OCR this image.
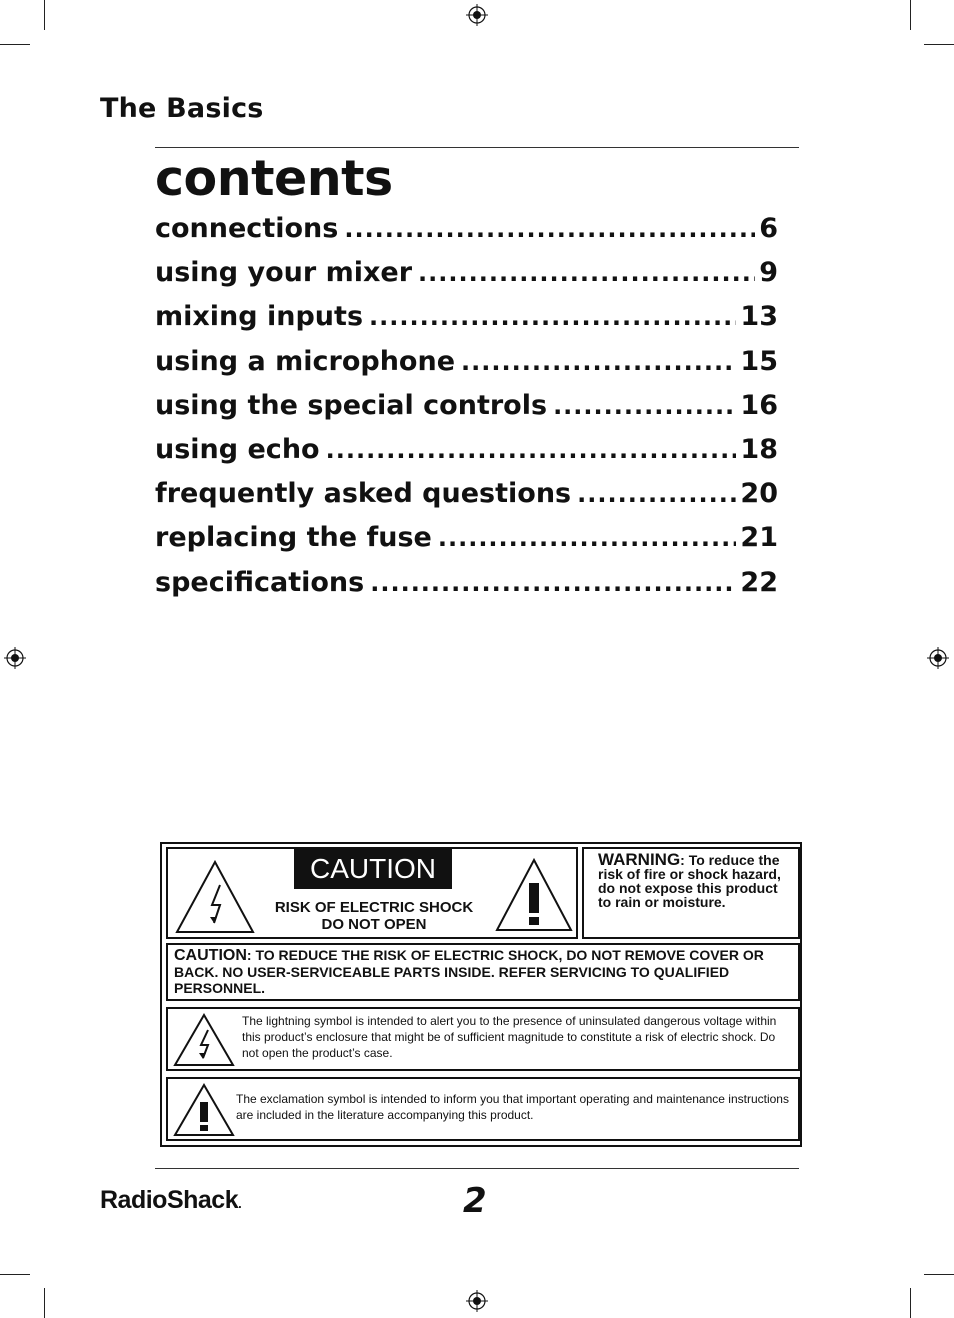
The Basics
contents
connections .....	6
using your mixer .....	9
mixing inputs .....	13
using a microphone .....	15
using the special controls .....	16
using echo .....	18
frequently asked questions .....	20
replacing the fuse .....	21
specifications .....	22
CAUTION
RISK OF ELECTRIC SHOCK
DO NOT OPEN
WARNING: To reduce the risk of fire or shock hazard, do not expose this product to rain or moisture.
CAUTION: TO REDUCE THE RISK OF ELECTRIC SHOCK, DO NOT REMOVE COVER OR BACK. NO USER-SERVICEABLE PARTS INSIDE. REFER SERVICING TO QUALIFIED PERSONNEL.
The lightning symbol is intended to alert you to the presence of uninsulated dangerous voltage within this product’s enclosure that might be of sufficient magnitude to constitute a risk of electric shock. Do not open the product’s case.
The exclamation symbol is intended to inform you that important operating and maintenance instructions are included in the literature accompanying this product.
RadioShack.	2
